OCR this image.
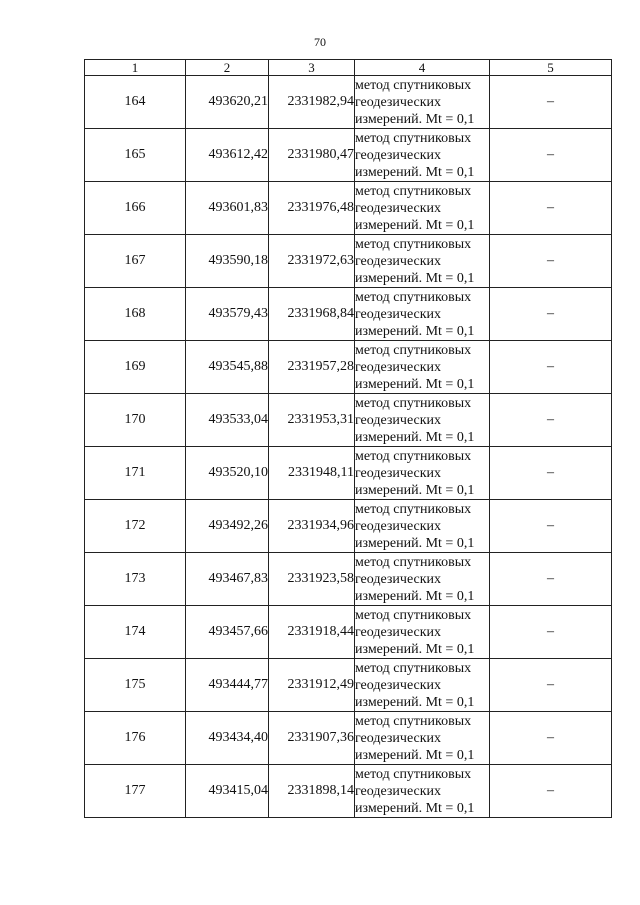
70
1	2	3	4	5
164	493620,21	2331982,94	метод спутниковых
геодезических
измерений. Mt = 0,1	–
165	493612,42	2331980,47	метод спутниковых
геодезических
измерений. Mt = 0,1	–
166	493601,83	2331976,48	метод спутниковых
геодезических
измерений. Mt = 0,1	–
167	493590,18	2331972,63	метод спутниковых
геодезических
измерений. Mt = 0,1	–
168	493579,43	2331968,84	метод спутниковых
геодезических
измерений. Mt = 0,1	–
169	493545,88	2331957,28	метод спутниковых
геодезических
измерений. Mt = 0,1	–
170	493533,04	2331953,31	метод спутниковых
геодезических
измерений. Mt = 0,1	–
171	493520,10	2331948,11	метод спутниковых
геодезических
измерений. Mt = 0,1	–
172	493492,26	2331934,96	метод спутниковых
геодезических
измерений. Mt = 0,1	–
173	493467,83	2331923,58	метод спутниковых
геодезических
измерений. Mt = 0,1	–
174	493457,66	2331918,44	метод спутниковых
геодезических
измерений. Mt = 0,1	–
175	493444,77	2331912,49	метод спутниковых
геодезических
измерений. Mt = 0,1	–
176	493434,40	2331907,36	метод спутниковых
геодезических
измерений. Mt = 0,1	–
177	493415,04	2331898,14	метод спутниковых
геодезических
измерений. Mt = 0,1	–
